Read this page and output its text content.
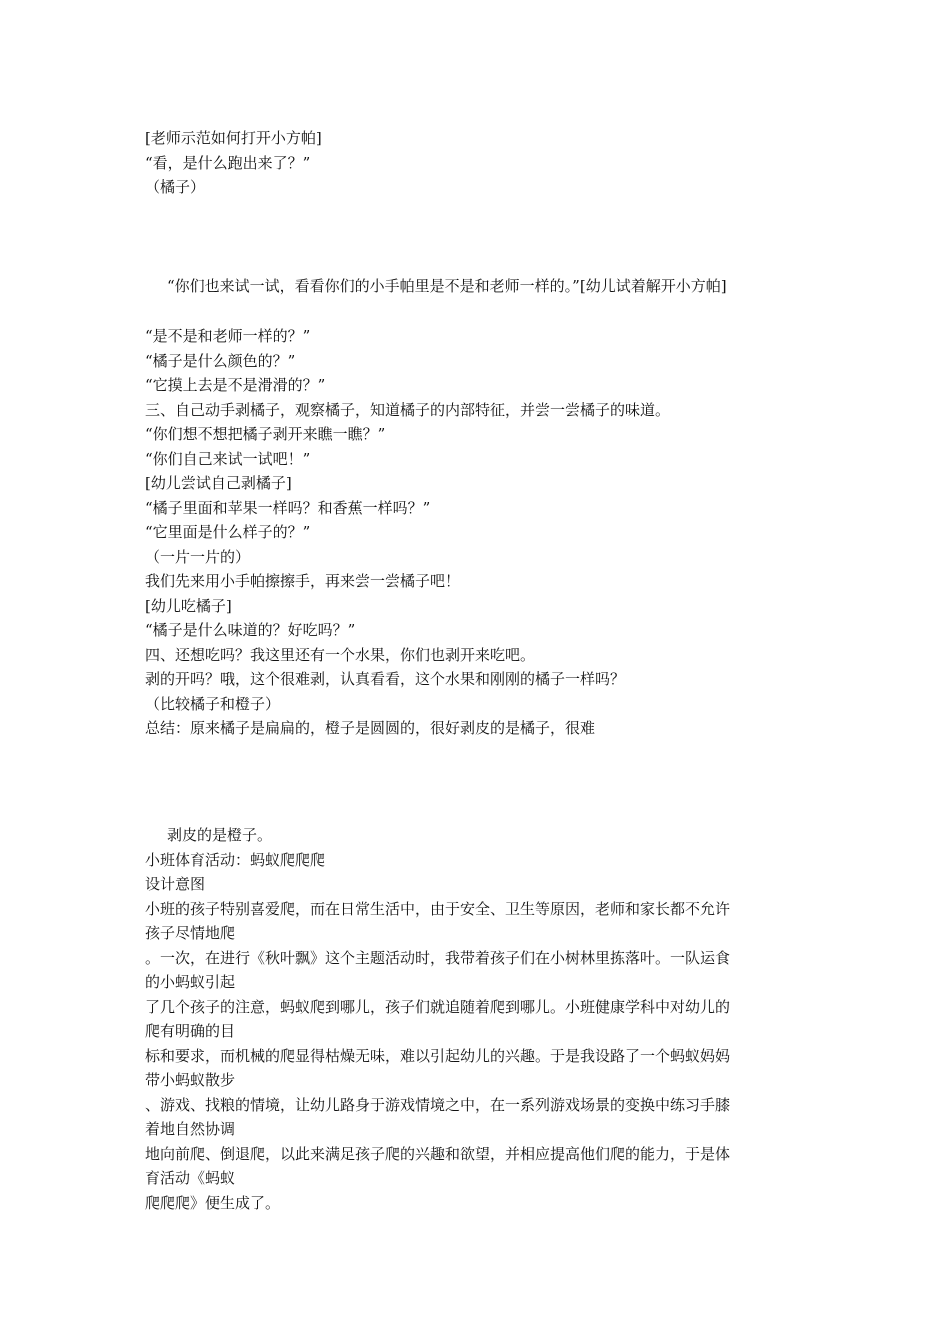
[老师示范如何打开小方帕]
“看，是什么跑出来了？”
（橘子）
“你们也来试一试，看看你们的小手帕里是不是和老师一样的。”[幼儿试着解开小方帕]
“是不是和老师一样的？”
“橘子是什么颜色的？”
“它摸上去是不是滑滑的？”
三、自己动手剥橘子，观察橘子，知道橘子的内部特征，并尝一尝橘子的味道。
“你们想不想把橘子剥开来瞧一瞧？”
“你们自己来试一试吧！”
[幼儿尝试自己剥橘子]
“橘子里面和苹果一样吗？和香蕉一样吗？”
“它里面是什么样子的？”
（一片一片的）
我们先来用小手帕擦擦手，再来尝一尝橘子吧！
[幼儿吃橘子]
“橘子是什么味道的？好吃吗？”
四、还想吃吗？我这里还有一个水果，你们也剥开来吃吧。
剥的开吗？哦，这个很难剥，认真看看，这个水果和刚刚的橘子一样吗？
（比较橘子和橙子）
总结：原来橘子是扁扁的，橙子是圆圆的，很好剥皮的是橘子，很难
剥皮的是橙子。
小班体育活动：蚂蚁爬爬爬
设计意图
小班的孩子特别喜爱爬，而在日常生活中，由于安全、卫生等原因，老师和家长都不允许
孩子尽情地爬
。一次，在进行《秋叶飘》这个主题活动时，我带着孩子们在小树林里拣落叶。一队运食
的小蚂蚁引起
了几个孩子的注意，蚂蚁爬到哪儿，孩子们就追随着爬到哪儿。小班健康学科中对幼儿的
爬有明确的目
标和要求，而机械的爬显得枯燥无味，难以引起幼儿的兴趣。于是我设路了一个蚂蚁妈妈
带小蚂蚁散步
、游戏、找粮的情境，让幼儿路身于游戏情境之中，在一系列游戏场景的变换中练习手膝
着地自然协调
地向前爬、倒退爬，以此来满足孩子爬的兴趣和欲望，并相应提高他们爬的能力，于是体
育活动《蚂蚁
爬爬爬》便生成了。
